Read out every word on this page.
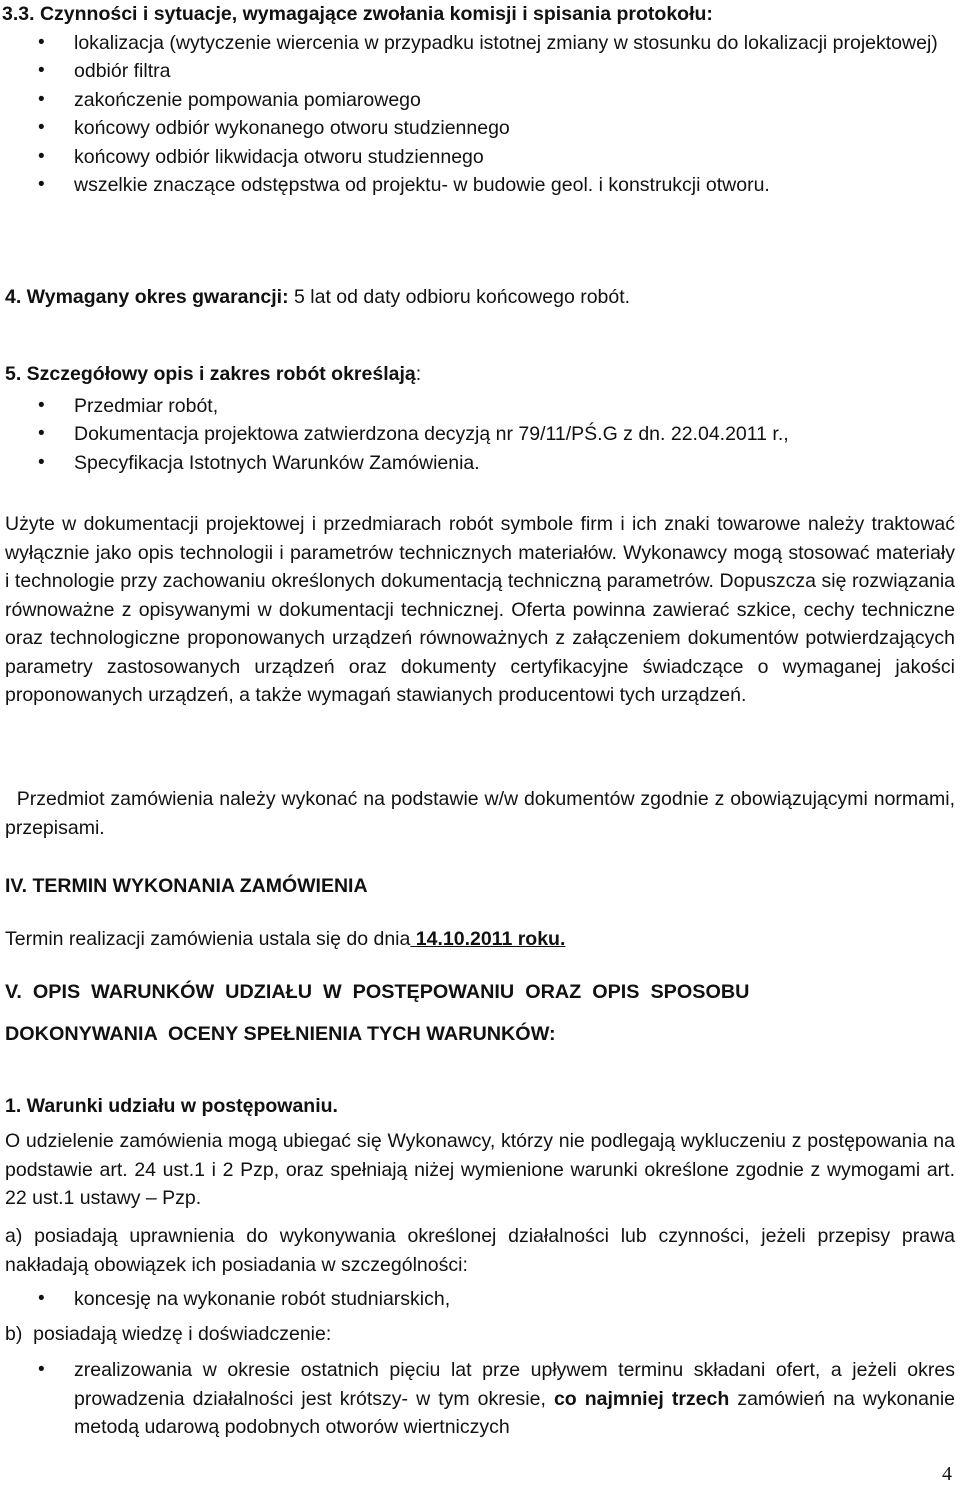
3.3. Czynności i sytuacje, wymagające zwołania komisji i spisania protokołu:
• lokalizacja (wytyczenie wiercenia w przypadku istotnej zmiany w stosunku do lokalizacji projektowej)
• odbiór filtra
• zakończenie pompowania pomiarowego
• końcowy odbiór wykonanego otworu studziennego
• końcowy odbiór likwidacja otworu studziennego
• wszelkie znaczące odstępstwa od projektu- w budowie geol. i konstrukcji otworu.
4. Wymagany okres gwarancji: 5 lat od daty odbioru końcowego robót.
5. Szczegółowy opis i zakres robót określają:
• Przedmiar robót,
• Dokumentacja projektowa zatwierdzona decyzją nr 79/11/PŚ.G z dn. 22.04.2011 r.,
• Specyfikacja Istotnych Warunków Zamówienia.

Użyte w dokumentacji projektowej i przedmiarach robót symbole firm i ich znaki towarowe należy traktować wyłącznie jako opis technologii i parametrów technicznych materiałów. Wykonawcy mogą stosować materiały i technologie przy zachowaniu określonych dokumentacją techniczną parametrów. Dopuszcza się rozwiązania równoważne z opisywanymi w dokumentacji technicznej. Oferta powinna zawierać szkice, cechy techniczne oraz technologiczne proponowanych urządzeń równoważnych z załączeniem dokumentów potwierdzających parametry zastosowanych urządzeń oraz dokumenty certyfikacyjne świadczące o wymaganej jakości proponowanych urządzeń, a także wymagań stawianych producentowi tych urządzeń.

Przedmiot zamówienia należy wykonać na podstawie w/w dokumentów zgodnie z obowiązującymi normami, przepisami.

IV. TERMIN WYKONANIA ZAMÓWIENIA
Termin realizacji zamówienia ustala się do dnia 14.10.2011 roku.
V.  OPIS  WARUNKÓW  UDZIAŁU  W  POSTĘPOWANIU  ORAZ  OPIS  SPOSOBU
DOKONYWANIA  OCENY SPEŁNIENIA TYCH WARUNKÓW:
1. Warunki udziału w postępowaniu.

O udzielenie zamówienia mogą ubiegać się Wykonawcy, którzy nie podlegają wykluczeniu z postępowania na podstawie art. 24 ust.1 i 2 Pzp, oraz spełniają niżej wymienione warunki określone zgodnie z wymogami art. 22 ust.1 ustawy – Pzp.

a) posiadają uprawnienia do wykonywania określonej działalności lub czynności, jeżeli przepisy prawa nakładają obowiązek ich posiadania w szczególności:

• koncesję na wykonanie robót studniarskich,
b)  posiadają wiedzę i doświadczenie:
• zrealizowania w okresie ostatnich pięciu lat prze upływem terminu składani ofert, a jeżeli okres prowadzenia działalności jest krótszy- w tym okresie, co najmniej trzech zamówień na wykonanie metodą udarową podobnych otworów wiertniczych
4
